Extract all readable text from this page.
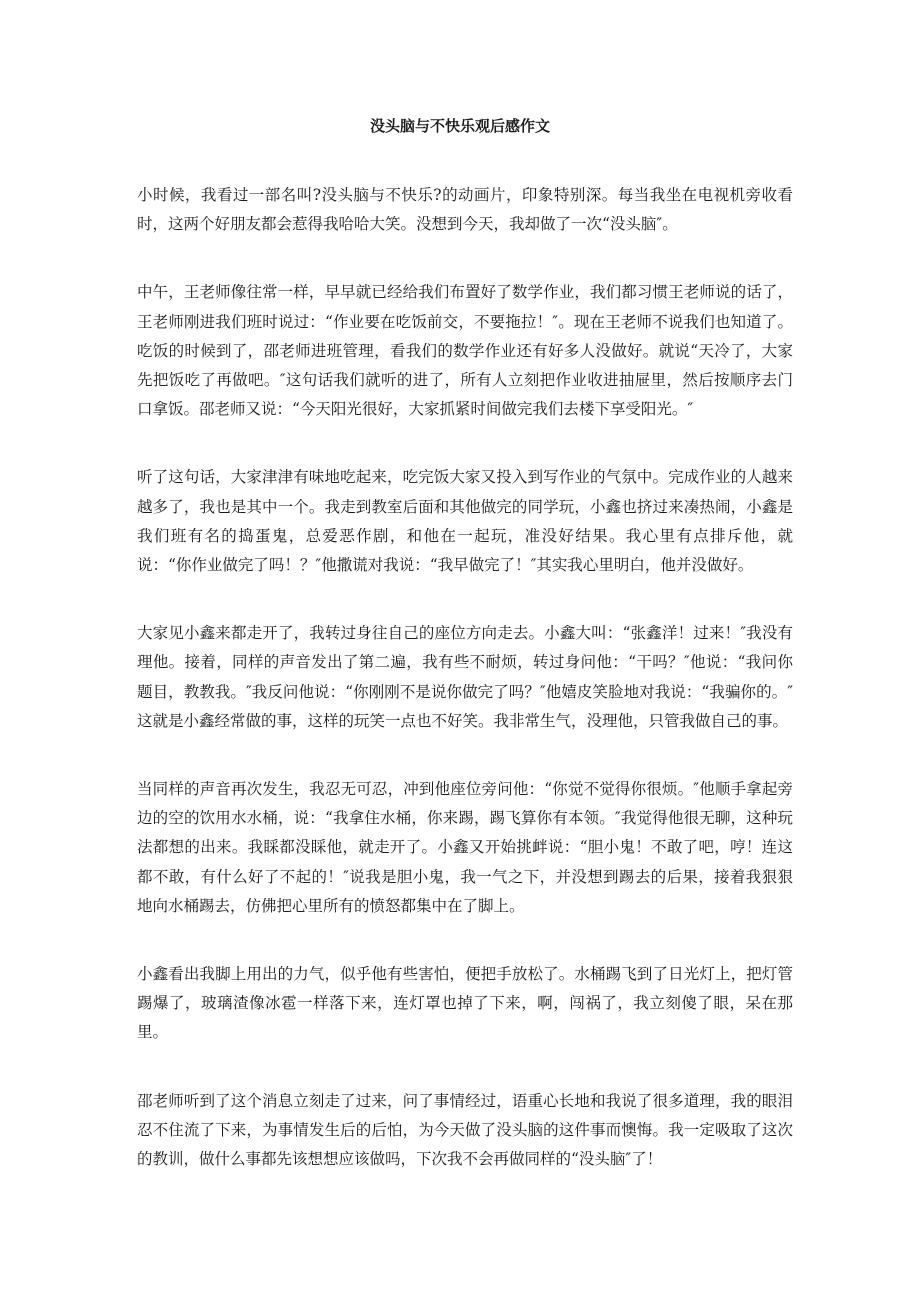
没头脑与不快乐观后感作文

小时候，我看过一部名叫?没头脑与不快乐?的动画片，印象特别深。每当我坐在电视机旁收看时，这两个好朋友都会惹得我哈哈大笑。没想到今天，我却做了一次“没头脑″。

中午，王老师像往常一样，早早就已经给我们布置好了数学作业，我们都习惯王老师说的话了，王老师刚进我们班时说过：“作业要在吃饭前交，不要拖拉！″。现在王老师不说我们也知道了。吃饭的时候到了，邵老师进班管理，看我们的数学作业还有好多人没做好。就说“天冷了，大家先把饭吃了再做吧。″这句话我们就听的进了，所有人立刻把作业收进抽屉里，然后按顺序去门口拿饭。邵老师又说：“今天阳光很好，大家抓紧时间做完我们去楼下享受阳光。″

听了这句话，大家津津有味地吃起来，吃完饭大家又投入到写作业的气氛中。完成作业的人越来越多了，我也是其中一个。我走到教室后面和其他做完的同学玩，小鑫也挤过来凑热闹，小鑫是我们班有名的捣蛋鬼，总爱恶作剧，和他在一起玩，准没好结果。我心里有点排斥他，就说：“你作业做完了吗！？″他撒谎对我说：“我早做完了！″其实我心里明白，他并没做好。

大家见小鑫来都走开了，我转过身往自己的座位方向走去。小鑫大叫：“张鑫洋！过来！″我没有理他。接着，同样的声音发出了第二遍，我有些不耐烦，转过身问他：“干吗？″他说：“我问你题目，教教我。″我反问他说：“你刚刚不是说你做完了吗？″他嬉皮笑脸地对我说：“我骗你的。″这就是小鑫经常做的事，这样的玩笑一点也不好笑。我非常生气，没理他，只管我做自己的事。

当同样的声音再次发生，我忍无可忍，冲到他座位旁问他：“你觉不觉得你很烦。″他顺手拿起旁边的空的饮用水水桶，说：“我拿住水桶，你来踢，踢飞算你有本领。″我觉得他很无聊，这种玩法都想的出来。我睬都没睬他，就走开了。小鑫又开始挑衅说：“胆小鬼！不敢了吧，哼！连这都不敢，有什么好了不起的！″说我是胆小鬼，我一气之下，并没想到踢去的后果，接着我狠狠地向水桶踢去，仿佛把心里所有的愤怒都集中在了脚上。

小鑫看出我脚上用出的力气，似乎他有些害怕，便把手放松了。水桶踢飞到了日光灯上，把灯管踢爆了，玻璃渣像冰雹一样落下来，连灯罩也掉了下来，啊，闯祸了，我立刻傻了眼，呆在那里。

邵老师听到了这个消息立刻走了过来，问了事情经过，语重心长地和我说了很多道理，我的眼泪忍不住流了下来，为事情发生后的后怕，为今天做了没头脑的这件事而懊悔。我一定吸取了这次的教训，做什么事都先该想想应该做吗，下次我不会再做同样的“没头脑″了！
